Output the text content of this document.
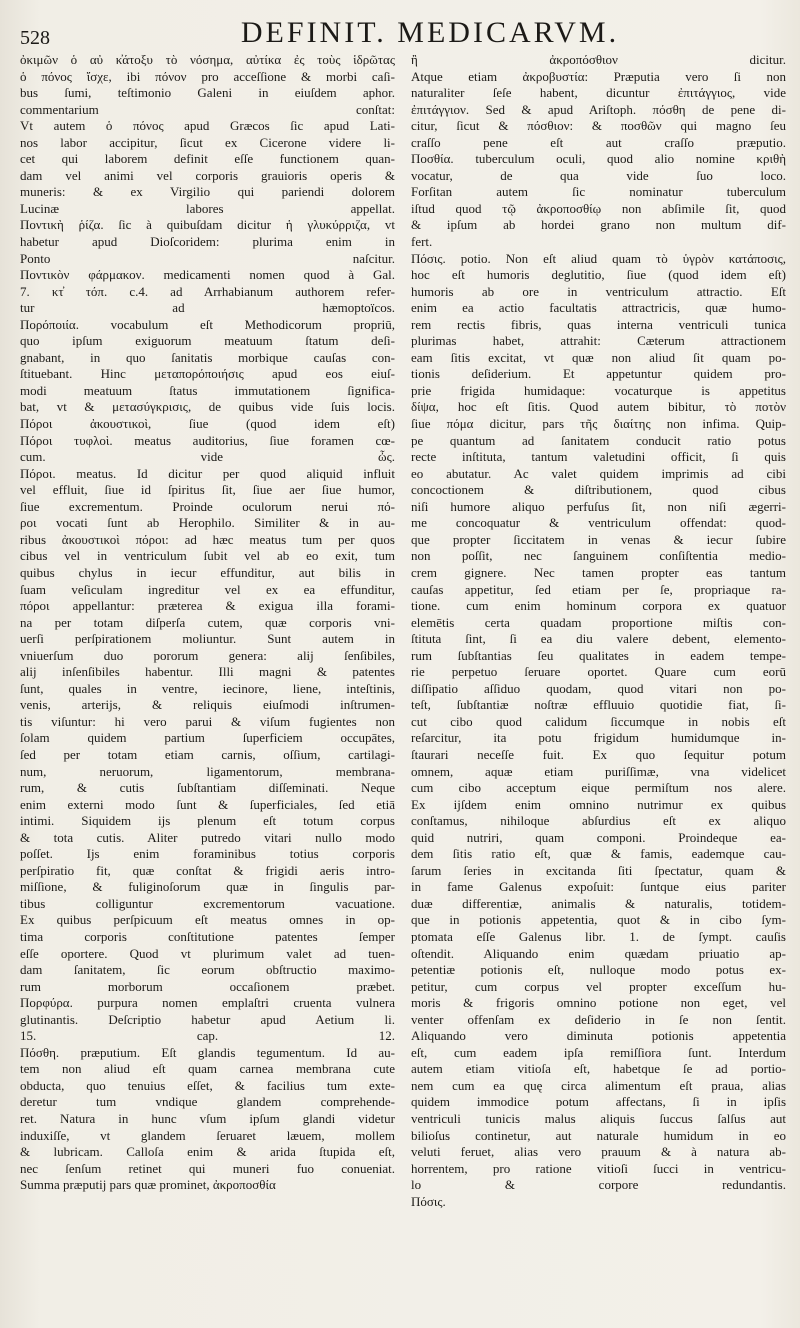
528	DEFINIT. MEDICARVM.
ὀκιμῶν ὁ αὐ κ̓άτοξυ τὸ νόσημα, αὐτίκα ἐς τοὺς ἱδρῶτας
ὁ πόνος ἴσχε, ibi πόνον pro acceſſione & morbi caſi-
bus ſumi, teſtimonio Galeni in eiuſdem aphor.
commentarium conſtat:
Vt autem ὁ πόνος apud Græcos ſic apud Lati-
nos labor accipitur, ſicut ex Cicerone videre li-
cet qui laborem definit eſſe functionem quan-
dam vel animi vel corporis grauioris operis &
muneris: & ex Virgilio qui pariendi dolorem
Lucinæ labores appellat.
Ποντικὴ ῥίζα. ſic à quibuſdam dicitur ἡ γλυκύρριζα, vt
habetur apud Dioſcoridem: plurima enim in
Ponto naſcitur.
Ποντικὸν φάρμακον. medicamenti nomen quod à Gal.
7. κτ̓ τόπ. c.4. ad Arrhabianum authorem refer-
tur ad hæmoptoïcos.
Πορόποιία. vocabulum eſt Methodicorum propriū,
quo ipſum exiguorum meatuum ſtatum deſi-
gnabant, in quo ſanitatis morbique cauſas con-
ſtituebant. Hinc μεταπορόποιήσις apud eos eiuſ-
modi meatuum ſtatus immutationem ſignifica-
bat, vt & μετασύγκρισις, de quibus vide ſuis locis.
Πόροι ἀκουστικοὶ, ſiue (quod idem eſt)
Πόροι τυφλοὶ. meatus auditorius, ſiue foramen cœ-
cum. vide ὦς.
Πόροι. meatus. Id dicitur per quod aliquid influit
vel effluit, ſiue id ſpiritus ſit, ſiue aer ſiue humor,
ſiue excrementum. Proinde oculorum nerui πό-
ροι vocati ſunt ab Herophilo. Similiter & in au-
ribus ἀκουστικοὶ πόροι: ad hæc meatus tum per quos
cibus vel in ventriculum ſubit vel ab eo exit, tum
quibus chylus in iecur effunditur, aut bilis in
ſuam veſiculam ingreditur vel ex ea effunditur,
πόροι appellantur: præterea & exigua illa forami-
na per totam diſperſa cutem, quæ corporis vni-
uerſi perſpirationem moliuntur. Sunt autem in
vniuerſum duo pororum genera: alij ſenſibiles,
alij inſenſibiles habentur. Illi magni & patentes
ſunt, quales in ventre, iecinore, liene, inteſtinis,
venis, arterijs, & reliquis eiuſmodi inſtrumen-
tis viſuntur: hi vero parui & viſum fugientes non
ſolam quidem partium ſuperficiem occupātes,
ſed per totam etiam carnis, oſſium, cartilagi-
num, neruorum, ligamentorum, membrana-
rum, & cutis ſubſtantiam diſſeminati. Neque
enim externi modo ſunt & ſuperficiales, ſed etiā
intimi. Siquidem ijs plenum eſt totum corpus
& tota cutis. Aliter putredo vitari nullo modo
poſſet. Ijs enim foraminibus totius corporis
perſpiratio fit, quæ conſtat & frigidi aeris intro-
miſſione, & fuliginoſorum quæ in ſingulis par-
tibus colliguntur excrementorum vacuatione.
Ex quibus perſpicuum eſt meatus omnes in op-
tima corporis conſtitutione patentes ſemper
eſſe oportere. Quod vt plurimum valet ad tuen-
dam ſanitatem, ſic eorum obſtructio maximo-
rum morborum occaſionem præbet.
Πορφύρα. purpura nomen emplaſtri cruenta vulnera
glutinantis. Deſcriptio habetur apud Aetium li.
15. cap. 12.
Πόσθη. præputium. Eſt glandis tegumentum. Id au-
tem non aliud eſt quam carnea membrana cute
obducta, quo tenuius eſſet, & facilius tum exte-
deretur tum vndique glandem comprehende-
ret. Natura in hunc vſum ipſum glandi videtur
induxiſſe, vt glandem ſeruaret læuem, mollem
& lubricam. Calloſa enim & arida ſtupida eſt,
nec ſenſum retinet qui muneri fuo conueniat.
Summa præputij pars quæ prominet, ἀκροποσθία
ἢ ἀκροπόσθιον dicitur.
Atque etiam ἀκροβυστία: Præputia vero ſi non
naturaliter ſeſe habent, dicuntur ἐπιτάγγιος, vide
ἐπιτάγγιον. Sed & apud Ariſtoph. πόσθη de pene di-
citur, ſicut & πόσθιον: & ποσθῶν qui magno ſeu
craſſo pene eſt aut craſſo præputio.
Ποσθία. tuberculum oculi, quod alio nomine κριθὴ
vocatur, de qua vide ſuo loco.
Forſitan autem ſic nominatur tuberculum
iſtud quod τῷ ἀκροποσθίῳ non abſimile ſit, quod
& ipſum ab hordei grano non multum dif-
fert.
Πόσις. potio. Non eſt aliud quam τὸ ὑγρὸν κατάποσις,
hoc eſt humoris deglutitio, ſiue (quod idem eſt)
humoris ab ore in ventriculum attractio. Eſt
enim ea actio facultatis attractricis, quæ humo-
rem rectis fibris, quas interna ventriculi tunica
plurimas habet, attrahit: Cæterum attractionem
eam ſitis excitat, vt quæ non aliud ſit quam po-
tionis deſiderium. Et appetuntur quidem pro-
prie frigida humidaque: vocaturque is appetitus
δίψα, hoc eſt ſitis. Quod autem bibitur, τὸ ποτὸν
ſiue πόμα dicitur, pars τῆς διαίτης non infima. Quip-
pe quantum ad ſanitatem conducit ratio potus
recte inſtituta, tantum valetudini officit, ſi quis
eo abutatur. Ac valet quidem imprimis ad cibi
concoctionem & diſtributionem, quod cibus
niſi humore aliquo perfuſus ſit, non niſi ægerri-
me concoquatur & ventriculum offendat: quod-
que propter ſiccitatem in venas & iecur ſubire
non poſſit, nec ſanguinem conſiſtentia medio-
crem gignere. Nec tamen propter eas tantum
cauſas appetitur, ſed etiam per ſe, propriaque ra-
tione. cum enim hominum corpora ex quatuor
elemētis certa quadam proportione miſtis con-
ſtituta ſint, ſi ea diu valere debent, elemento-
rum ſubſtantias ſeu qualitates in eadem tempe-
rie perpetuo ſeruare oportet. Quare cum eorū
diſſipatio aſſiduo quodam, quod vitari non po-
teſt, ſubſtantiæ noſtræ effluuio quotidie fiat, ſi-
cut cibo quod calidum ſiccumque in nobis eſt
reſarcitur, ita potu frigidum humidumque in-
ſtaurari neceſſe fuit. Ex quo ſequitur potum
omnem, aquæ etiam puriſſimæ, vna videlicet
cum cibo acceptum eique permiſtum nos alere.
Ex ijſdem enim omnino nutrimur ex quibus
conſtamus, nihiloque abſurdius eſt ex aliquo
quid nutriri, quam componi. Proindeque ea-
dem ſitis ratio eſt, quæ & famis, eademque cau-
ſarum ſeries in excitanda ſiti ſpectatur, quam &
in fame Galenus expoſuit: ſuntque eius pariter
duæ differentiæ, animalis & naturalis, totidem-
que in potionis appetentia, quot & in cibo ſym-
ptomata eſſe Galenus libr. 1. de ſympt. cauſis
oſtendit. Aliquando enim quædam priuatio ap-
petentiæ potionis eſt, nulloque modo potus ex-
petitur, cum corpus vel propter exceſſum hu-
moris & frigoris omnino potione non eget, vel
venter offenſam ex deſiderio in ſe non ſentit.
Aliquando vero diminuta potionis appetentia
eſt, cum eadem ipſa remiſſiora ſunt. Interdum
autem etiam vitioſa eſt, habetque ſe ad portio-
nem cum ea quę circa alimentum eſt praua, alias
quidem immodice potum affectans, ſi in ipſis
ventriculi tunicis malus aliquis ſuccus ſalſus aut
bilioſus continetur, aut naturale humidum in eo
veluti feruet, alias vero prauum & à natura ab-
horrentem, pro ratione vitioſi ſucci in ventricu-
lo & corpore redundantis.
Πόσις.
